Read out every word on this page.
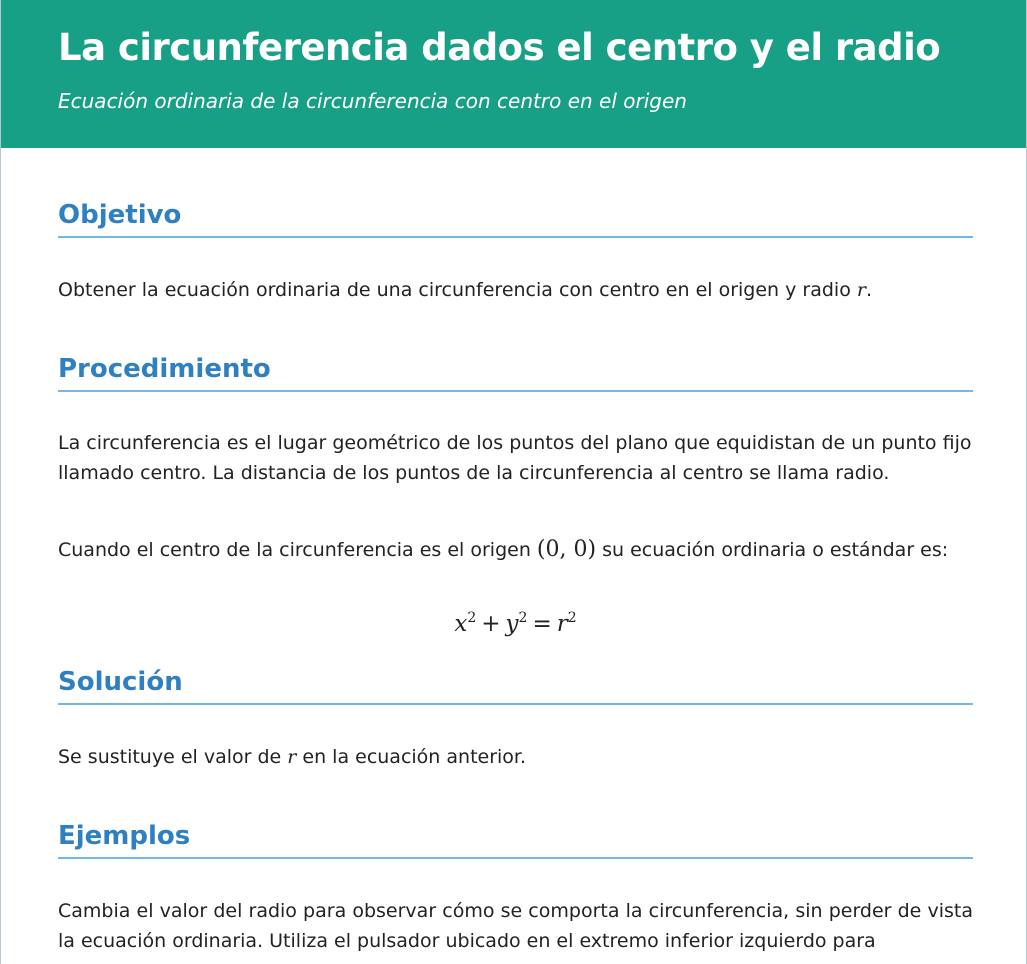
La circunferencia dados el centro y el radio

Ecuación ordinaria de la circunferencia con centro en el origen

Objetivo

Obtener la ecuación ordinaria de una circunferencia con centro en el origen y radio r.

Procedimiento

La circunferencia es el lugar geométrico de los puntos del plano que equidistan de un punto fijo llamado centro. La distancia de los puntos de la circunferencia al centro se llama radio.

Cuando el centro de la circunferencia es el origen (0, 0) su ecuación ordinaria o estándar es:

$x^2 + y^2 = r^2$
Solución

Se sustituye el valor de r en la ecuación anterior.

Ejemplos

Cambia el valor del radio para observar cómo se comporta la circunferencia, sin perder de vista la ecuación ordinaria. Utiliza el pulsador ubicado en el extremo inferior izquierdo para
